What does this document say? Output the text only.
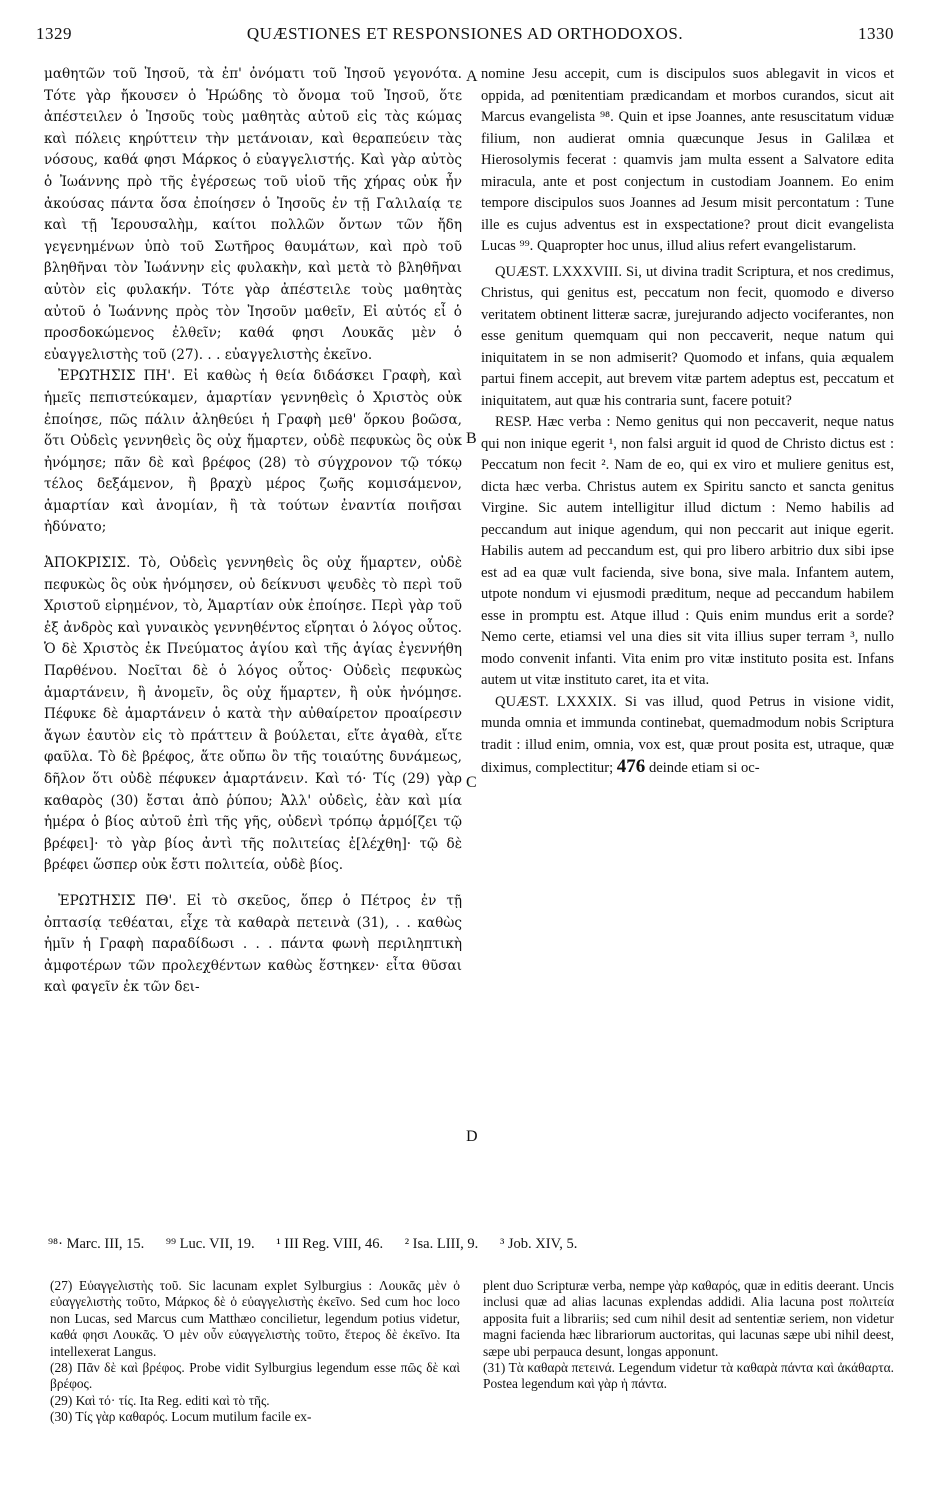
1329	QUÆSTIONES ET RESPONSIONES AD ORTHODOXOS.	1330
A
B
C
D

μαθητῶν τοῦ Ἰησοῦ, τὰ ἐπ' ὀνόματι τοῦ Ἰησοῦ γεγονότα. Τότε γὰρ ἤκουσεν ὁ Ἡρώδης τὸ ὄνομα τοῦ Ἰησοῦ, ὅτε ἀπέστειλεν ὁ Ἰησοῦς τοὺς μαθητὰς αὐτοῦ εἰς τὰς κώμας καὶ πόλεις κηρύττειν τὴν μετάνοιαν, καὶ θεραπεύειν τὰς νόσους, καθά φησι Μάρκος ὁ εὐαγγελιστής. Καὶ γὰρ αὐτὸς ὁ Ἰωάννης πρὸ τῆς ἐγέρσεως τοῦ υἱοῦ τῆς χήρας οὐκ ἦν ἀκούσας πάντα ὅσα ἐποίησεν ὁ Ἰησοῦς ἐν τῇ Γαλιλαίᾳ τε καὶ τῇ Ἱερουσαλὴμ, καίτοι πολλῶν ὄντων τῶν ἤδη γεγενημένων ὑπὸ τοῦ Σωτῆρος θαυμάτων, καὶ πρὸ τοῦ βληθῆναι τὸν Ἰωάννην εἰς φυλακὴν, καὶ μετὰ τὸ βληθῆναι αὐτὸν εἰς φυλακήν. Τότε γὰρ ἀπέστειλε τοὺς μαθητὰς αὐτοῦ ὁ Ἰωάννης πρὸς τὸν Ἰησοῦν μαθεῖν, Εἰ αὐτός εἶ ὁ προσδοκώμενος ἐλθεῖν; καθά φησι Λουκᾶς μὲν ὁ εὐαγγελιστὴς τοῦ (27). . . εὐαγγελιστὴς ἐκεῖνο.

ἘΡΩΤΗΣΙΣ ΠΗ'. Εἰ καθὼς ἡ θεία διδάσκει Γραφὴ, καὶ ἡμεῖς πεπιστεύκαμεν, ἁμαρτίαν γεννηθεὶς ὁ Χριστὸς οὐκ ἐποίησε, πῶς πάλιν ἀληθεύει ἡ Γραφὴ μεθ' ὅρκου βοῶσα, ὅτι Οὐδεὶς γεννηθεὶς ὃς οὐχ ἥμαρτεν, οὐδὲ πεφυκὼς ὃς οὐκ ἠνόμησε; πᾶν δὲ καὶ βρέφος (28) τὸ σύγχρονον τῷ τόκῳ τέλος δεξάμενον, ἢ βραχὺ μέρος ζωῆς κομισάμενον, ἁμαρτίαν καὶ ἀνομίαν, ἢ τὰ τούτων ἐναντία ποιῆσαι ἠδύνατο;

ἈΠΟΚΡΙΣΙΣ. Τὸ, Οὐδεὶς γεννηθεὶς ὃς οὐχ ἥμαρτεν, οὐδὲ πεφυκὼς ὃς οὐκ ἠνόμησεν, οὐ δείκνυσι ψευδὲς τὸ περὶ τοῦ Χριστοῦ εἰρημένον, τὸ, Ἁμαρτίαν οὐκ ἐποίησε. Περὶ γὰρ τοῦ ἐξ ἀνδρὸς καὶ γυναικὸς γεννηθέντος εἴρηται ὁ λόγος οὗτος. Ὁ δὲ Χριστὸς ἐκ Πνεύματος ἁγίου καὶ τῆς ἁγίας ἐγεννήθη Παρθένου. Νοεῖται δὲ ὁ λόγος οὗτος· Οὐδεὶς πεφυκὼς ἁμαρτάνειν, ἢ ἀνομεῖν, ὃς οὐχ ἥμαρτεν, ἢ οὐκ ἠνόμησε. Πέφυκε δὲ ἁμαρτάνειν ὁ κατὰ τὴν αὐθαίρετον προαίρεσιν ἄγων ἑαυτὸν εἰς τὸ πράττειν ἃ βούλεται, εἴτε ἀγαθὰ, εἴτε φαῦλα. Τὸ δὲ βρέφος, ἅτε οὔπω ὂν τῆς τοιαύτης δυνάμεως, δῆλον ὅτι οὐδὲ πέφυκεν ἁμαρτάνειν. Καὶ τό· Τίς (29) γὰρ καθαρὸς (30) ἔσται ἀπὸ ῥύπου; Ἀλλ' οὐδεὶς, ἐὰν καὶ μία ἡμέρα ὁ βίος αὐτοῦ ἐπὶ τῆς γῆς, οὐδενὶ τρόπῳ ἁρμό[ζει τῷ βρέφει]· τὸ γὰρ βίος ἀντὶ τῆς πολιτείας ἐ[λέχθη]· τῷ δὲ βρέφει ὥσπερ οὐκ ἔστι πολιτεία, οὐδὲ βίος.

ἘΡΩΤΗΣΙΣ ΠΘ'. Εἰ τὸ σκεῦος, ὅπερ ὁ Πέτρος ἐν τῇ ὀπτασίᾳ τεθέαται, εἶχε τὰ καθαρὰ πετεινὰ (31), . . καθὼς ἡμῖν ἡ Γραφὴ παραδίδωσι . . . πάντα φωνὴ περιληπτικὴ ἀμφοτέρων τῶν προλεχθέντων καθὼς ἕστηκεν· εἶτα θῦσαι καὶ φαγεῖν ἐκ τῶν δει-

nomine Jesu accepit, cum is discipulos suos ablegavit in vicos et oppida, ad pœnitentiam prædicandam et morbos curandos, sicut ait Marcus evangelista ⁹⁸. Quin et ipse Joannes, ante resuscitatum viduæ filium, non audierat omnia quæcunque Jesus in Galilæa et Hierosolymis fecerat : quamvis jam multa essent a Salvatore edita miracula, ante et post conjectum in custodiam Joannem. Eo enim tempore discipulos suos Joannes ad Jesum misit percontatum : Tune ille es cujus adventus est in exspectatione? prout dicit evangelista Lucas ⁹⁹. Quapropter hoc unus, illud alius refert evangelistarum.

QUÆST. LXXXVIII. Si, ut divina tradit Scriptura, et nos credimus, Christus, qui genitus est, peccatum non fecit, quomodo e diverso veritatem obtinent litteræ sacræ, jurejurando adjecto vociferantes, non esse genitum quemquam qui non peccaverit, neque natum qui iniquitatem in se non admiserit? Quomodo et infans, quia æqualem partui finem accepit, aut brevem vitæ partem adeptus est, peccatum et iniquitatem, aut quæ his contraria sunt, facere potuit?

RESP. Hæc verba : Nemo genitus qui non peccaverit, neque natus qui non inique egerit ¹, non falsi arguit id quod de Christo dictus est : Peccatum non fecit ². Nam de eo, qui ex viro et muliere genitus est, dicta hæc verba. Christus autem ex Spiritu sancto et sancta genitus Virgine. Sic autem intelligitur illud dictum : Nemo habilis ad peccandum aut inique agendum, qui non peccarit aut inique egerit. Habilis autem ad peccandum est, qui pro libero arbitrio dux sibi ipse est ad ea quæ vult facienda, sive bona, sive mala. Infantem autem, utpote nondum vi ejusmodi præditum, neque ad peccandum habilem esse in promptu est. Atque illud : Quis enim mundus erit a sorde? Nemo certe, etiamsi vel una dies sit vita illius super terram ³, nullo modo convenit infanti. Vita enim pro vitæ instituto posita est. Infans autem ut vitæ instituto caret, ita et vita.

QUÆST. LXXXIX. Si vas illud, quod Petrus in visione vidit, munda omnia et immunda continebat, quemadmodum nobis Scriptura tradit : illud enim, omnia, vox est, quæ prout posita est, utraque, quæ diximus, complectitur; 476 deinde etiam si oc-

⁹⁸· Marc. III, 15. ⁹⁹ Luc. VII, 19. ¹ III Reg. VIII, 46. ² Isa. LIII, 9. ³ Job. XIV, 5.

(27) Εὐαγγελιστὴς τοῦ. Sic lacunam explet Sylburgius : Λουκᾶς μὲν ὁ εὐαγγελιστὴς τοῦτο, Μάρκος δὲ ὁ εὐαγγελιστὴς ἐκεῖνο. Sed cum hoc loco non Lucas, sed Marcus cum Matthæo concilietur, legendum potius videtur, καθά φησι Λουκᾶς. Ὁ μὲν οὖν εὐαγγελιστὴς τοῦτο, ἕτερος δὲ ἐκεῖνο. Ita intellexerat Langus.

(28) Πᾶν δὲ καὶ βρέφος. Probe vidit Sylburgius legendum esse πῶς δὲ καὶ βρέφος.

(29) Καὶ τό· τίς. Ita Reg. editi καὶ τὸ τῆς.

(30) Τίς γὰρ καθαρός. Locum mutilum facile ex-

plent duo Scripturæ verba, nempe γὰρ καθαρός, quæ in editis deerant. Uncis inclusi quæ ad alias lacunas explendas addidi. Alia lacuna post πολιτεία apposita fuit a librariis; sed cum nihil desit ad sententiæ seriem, non videtur magni facienda hæc librariorum auctoritas, qui lacunas sæpe ubi nihil deest, sæpe ubi perpauca desunt, longas apponunt.

(31) Τὰ καθαρὰ πετεινά. Legendum videtur τὰ καθαρὰ πάντα καὶ ἀκάθαρτα. Postea legendum καὶ γὰρ ἡ πάντα.
